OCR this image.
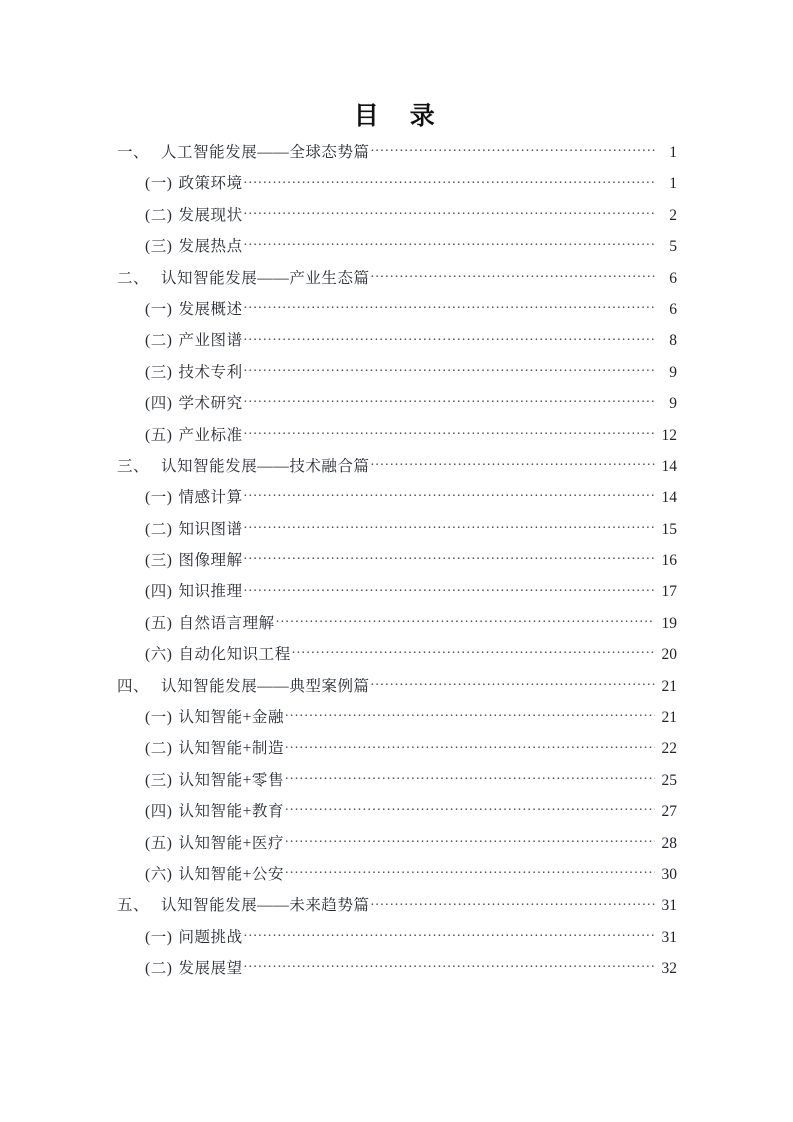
目  录
一、 人工智能发展——全球态势篇 .....	1
(一) 政策环境 .....	1
(二) 发展现状 .....	2
(三) 发展热点 .....	5
二、 认知智能发展——产业生态篇 .....	6
(一) 发展概述 .....	6
(二) 产业图谱 .....	8
(三) 技术专利 .....	9
(四) 学术研究 .....	9
(五) 产业标准 .....	12
三、 认知智能发展——技术融合篇 .....	14
(一) 情感计算 .....	14
(二) 知识图谱 .....	15
(三) 图像理解 .....	16
(四) 知识推理 .....	17
(五) 自然语言理解 .....	19
(六) 自动化知识工程 .....	20
四、 认知智能发展——典型案例篇 .....	21
(一) 认知智能+金融 .....	21
(二) 认知智能+制造 .....	22
(三) 认知智能+零售 .....	25
(四) 认知智能+教育 .....	27
(五) 认知智能+医疗 .....	28
(六) 认知智能+公安 .....	30
五、 认知智能发展——未来趋势篇 .....	31
(一) 问题挑战 .....	31
(二) 发展展望 .....	32
